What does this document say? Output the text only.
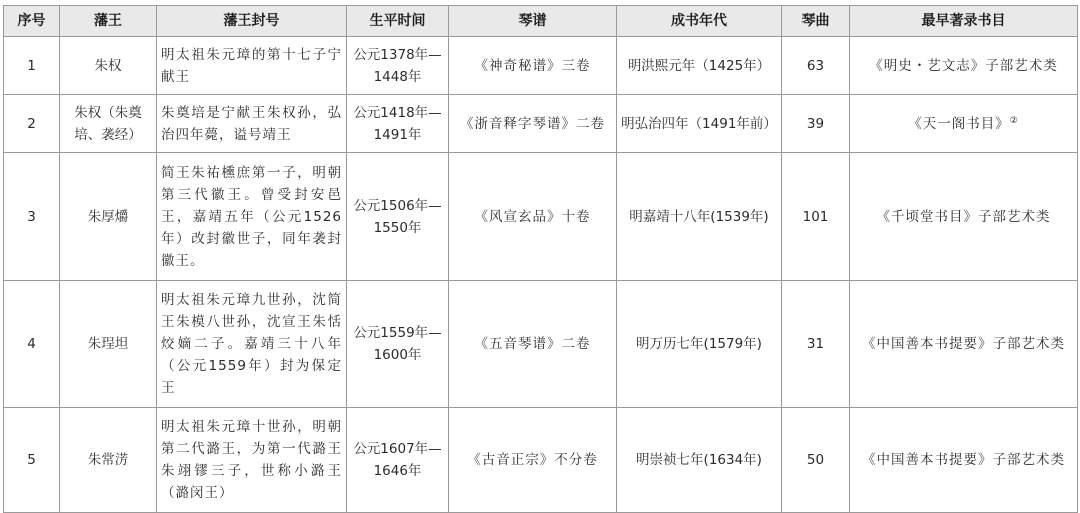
序号	藩王	藩王封号	生平时间	琴谱	成书年代	琴曲	最早著录书目
1	朱权	明太祖朱元璋的第十七子宁献王	公元1378年—1448年	《神奇秘谱》三卷	明洪熙元年（1425年）	63	《明史・艺文志》子部艺术类
2	朱权（朱奠培、袭经）	朱奠培是宁献王朱权孙，弘治四年薨，谥号靖王	公元1418年—1491年	《浙音释字琴谱》二卷	明弘治四年（1491年前）	39	《天一阁书目》②
3	朱厚爝	简王朱祐櫄庶第一子，明朝第三代徽王。曾受封安邑王，嘉靖五年（公元1526年）改封徽世子，同年袭封徽王。	公元1506年—1550年	《风宣玄品》十卷	明嘉靖十八年(1539年)	101	《千顷堂书目》子部艺术类
4	朱珵坦	明太祖朱元璋九世孙，沈简王朱模八世孙，沈宣王朱恬烄嫡二子。嘉靖三十八年（公元1559年）封为保定王	公元1559年—1600年	《五音琴谱》二卷	明万历七年(1579年)	31	《中国善本书提要》子部艺术类
5	朱常淓	明太祖朱元璋十世孙，明朝第二代潞王，为第一代潞王朱翊镠三子，世称小潞王（潞闵王）	公元1607年—1646年	《古音正宗》不分卷	明崇祯七年(1634年)	50	《中国善本书提要》子部艺术类
